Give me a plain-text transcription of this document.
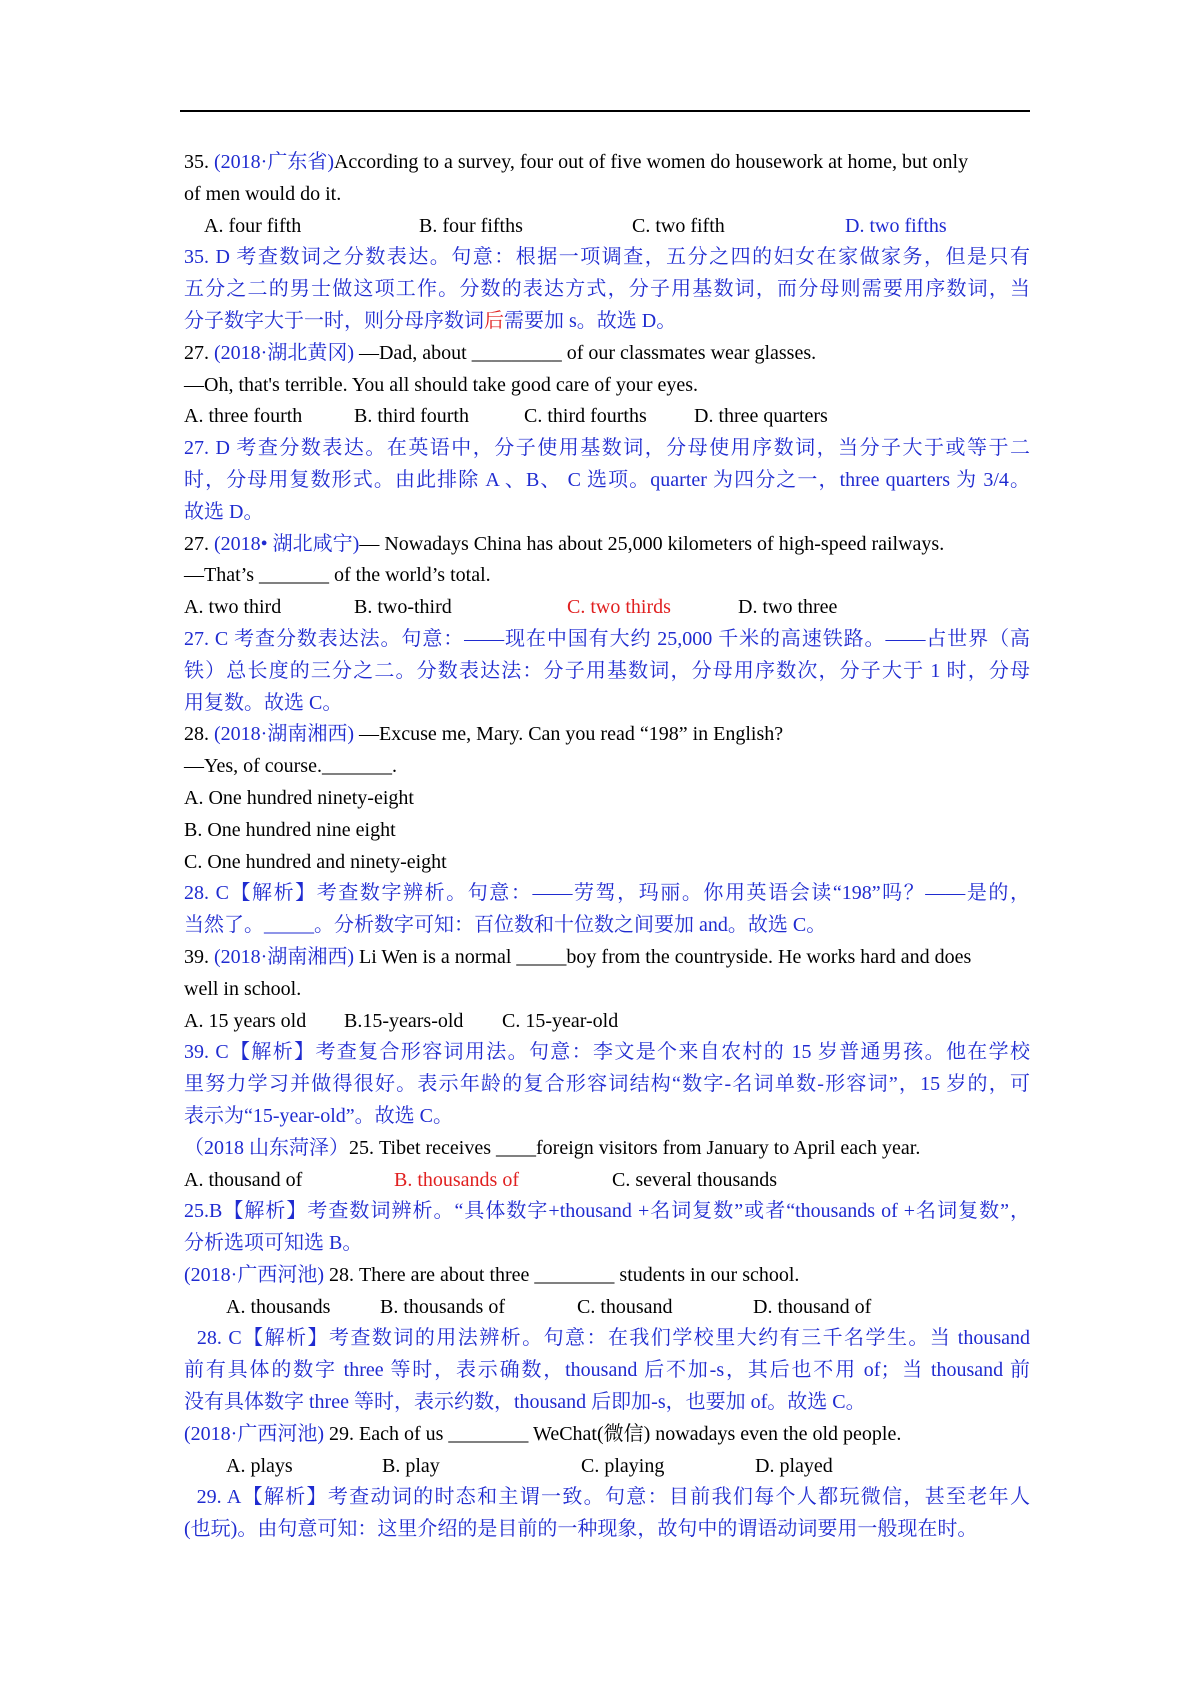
35. (2018·广东省)According to a survey, four out of five women do housework at home, but only
of men would do it.
A. four fifth	B. four fifths	C. two fifth	D. two fifths
35. D 考查数词之分数表达。句意：根据一项调查，五分之四的妇女在家做家务，但是只有
五分之二的男士做这项工作。分数的表达方式，分子用基数词，而分母则需要用序数词，当
分子数字大于一时，则分母序数词后需要加 s。故选 D。
27. (2018·湖北黄冈) —Dad, about _________ of our classmates wear glasses.
—Oh, that's terrible. You all should take good care of your eyes.
A. three fourth	B. third fourth	C. third fourths D. three quarters
27. D 考查分数表达。在英语中，分子使用基数词，分母使用序数词，当分子大于或等于二
时，分母用复数形式。由此排除 A 、B、 C 选项。quarter 为四分之一，three quarters 为 3/4。
故选 D。
27. (2018• 湖北咸宁)— Nowadays China has about 25,000 kilometers of high-speed railways.
—That’s _______ of the world’s total.
A. two third	B. two-third	C. two thirds	D. two three
27. C 考查分数表达法。句意：——现在中国有大约 25,000 千米的高速铁路。——占世界（高
铁）总长度的三分之二。分数表达法：分子用基数词，分母用序数次，分子大于 1 时，分母
用复数。故选 C。
28. (2018·湖南湘西) —Excuse me, Mary. Can you read “198” in English?
—Yes, of course._______.
A. One hundred ninety-eight
B. One hundred nine eight
C. One hundred and ninety-eight
28. C【解析】考查数字辨析。句意：——劳驾，玛丽。你用英语会读“198”吗？——是的，
当然了。_____。分析数字可知：百位数和十位数之间要加 and。故选 C。
39. (2018·湖南湘西) Li Wen is a normal _____boy from the countryside. He works hard and does
well in school.
A. 15 years old B.15-years-old C. 15-year-old
39. C【解析】考查复合形容词用法。句意：李文是个来自农村的 15 岁普通男孩。他在学校
里努力学习并做得很好。表示年龄的复合形容词结构“数字-名词单数-形容词”，15 岁的，可
表示为“15-year-old”。故选 C。
（2018 山东菏泽）25. Tibet receives ____foreign visitors from January to April each year.
A. thousand of	B. thousands of	C. several thousands
25.B【解析】考查数词辨析。“具体数字+thousand +名词复数”或者“thousands of +名词复数”，
分析选项可知选 B。
(2018·广西河池) 28. There are about three ________ students in our school.
A. thousands B. thousands of	C. thousand	D. thousand of
28. C【解析】考查数词的用法辨析。句意：在我们学校里大约有三千名学生。当 thousand
前有具体的数字 three 等时，表示确数，thousand 后不加-s，其后也不用 of；当 thousand 前
没有具体数字 three 等时，表示约数，thousand 后即加-s，也要加 of。故选 C。
(2018·广西河池) 29. Each of us ________ WeChat(微信) nowadays even the old people.
A. plays	B. play	C. playing	D. played
29. A【解析】考查动词的时态和主谓一致。句意：目前我们每个人都玩微信，甚至老年人
(也玩)。由句意可知：这里介绍的是目前的一种现象，故句中的谓语动词要用一般现在时。
